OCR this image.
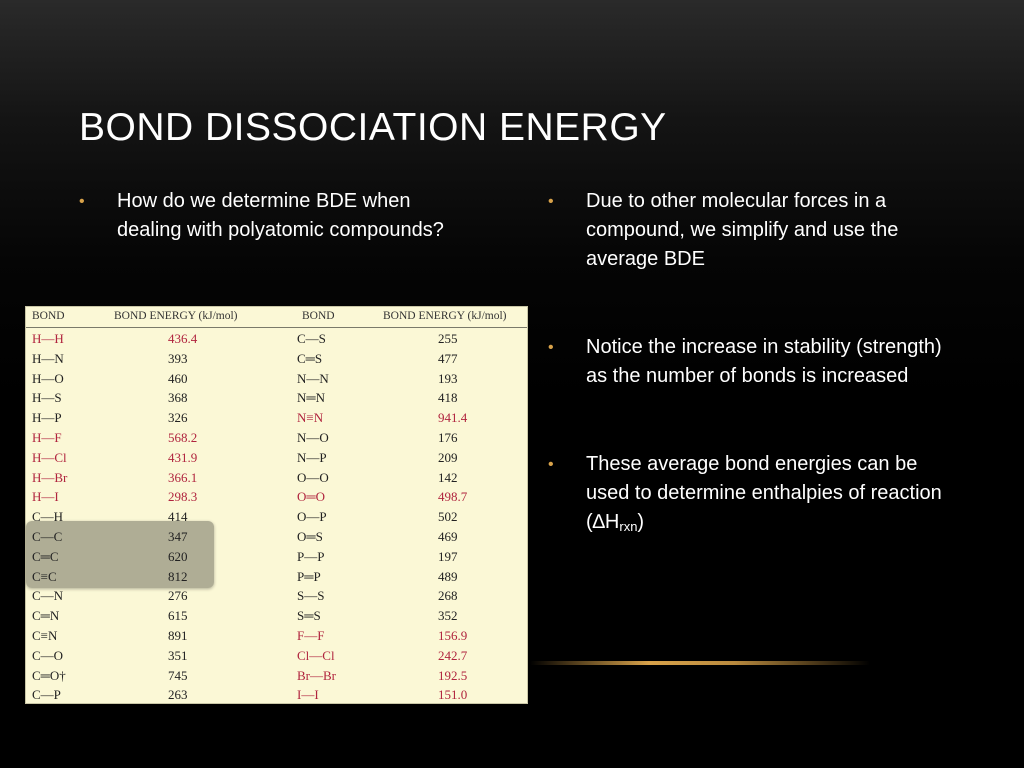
BOND DISSOCIATION ENERGY
• How do we determine BDE when dealing with polyatomic compounds?
• Due to other molecular forces in a compound, we simplify and use the average BDE
• Notice the increase in stability (strength) as the number of bonds is increased
• These average bond energies can be used to determine enthalpies of reaction $(\Delta H_{rxn})$
BOND	BOND ENERGY (kJ/mol)	BOND	BOND ENERGY (kJ/mol)
H—H	436.4	C—S	255
H—N	393	C═S	477
H—O	460	N—N	193
H—S	368	N═N	418
H—P	326	N≡N	941.4
H—F	568.2	N—O	176
H—Cl	431.9	N—P	209
H—Br	366.1	O—O	142
H—I	298.3	O═O	498.7
C—H	414	O—P	502
C—C	347	O═S	469
C═C	620	P—P	197
C≡C	812	P═P	489
C—N	276	S—S	268
C═N	615	S═S	352
C≡N	891	F—F	156.9
C—O	351	Cl—Cl	242.7
C═O†	745	Br—Br	192.5
C—P	263	I—I	151.0
